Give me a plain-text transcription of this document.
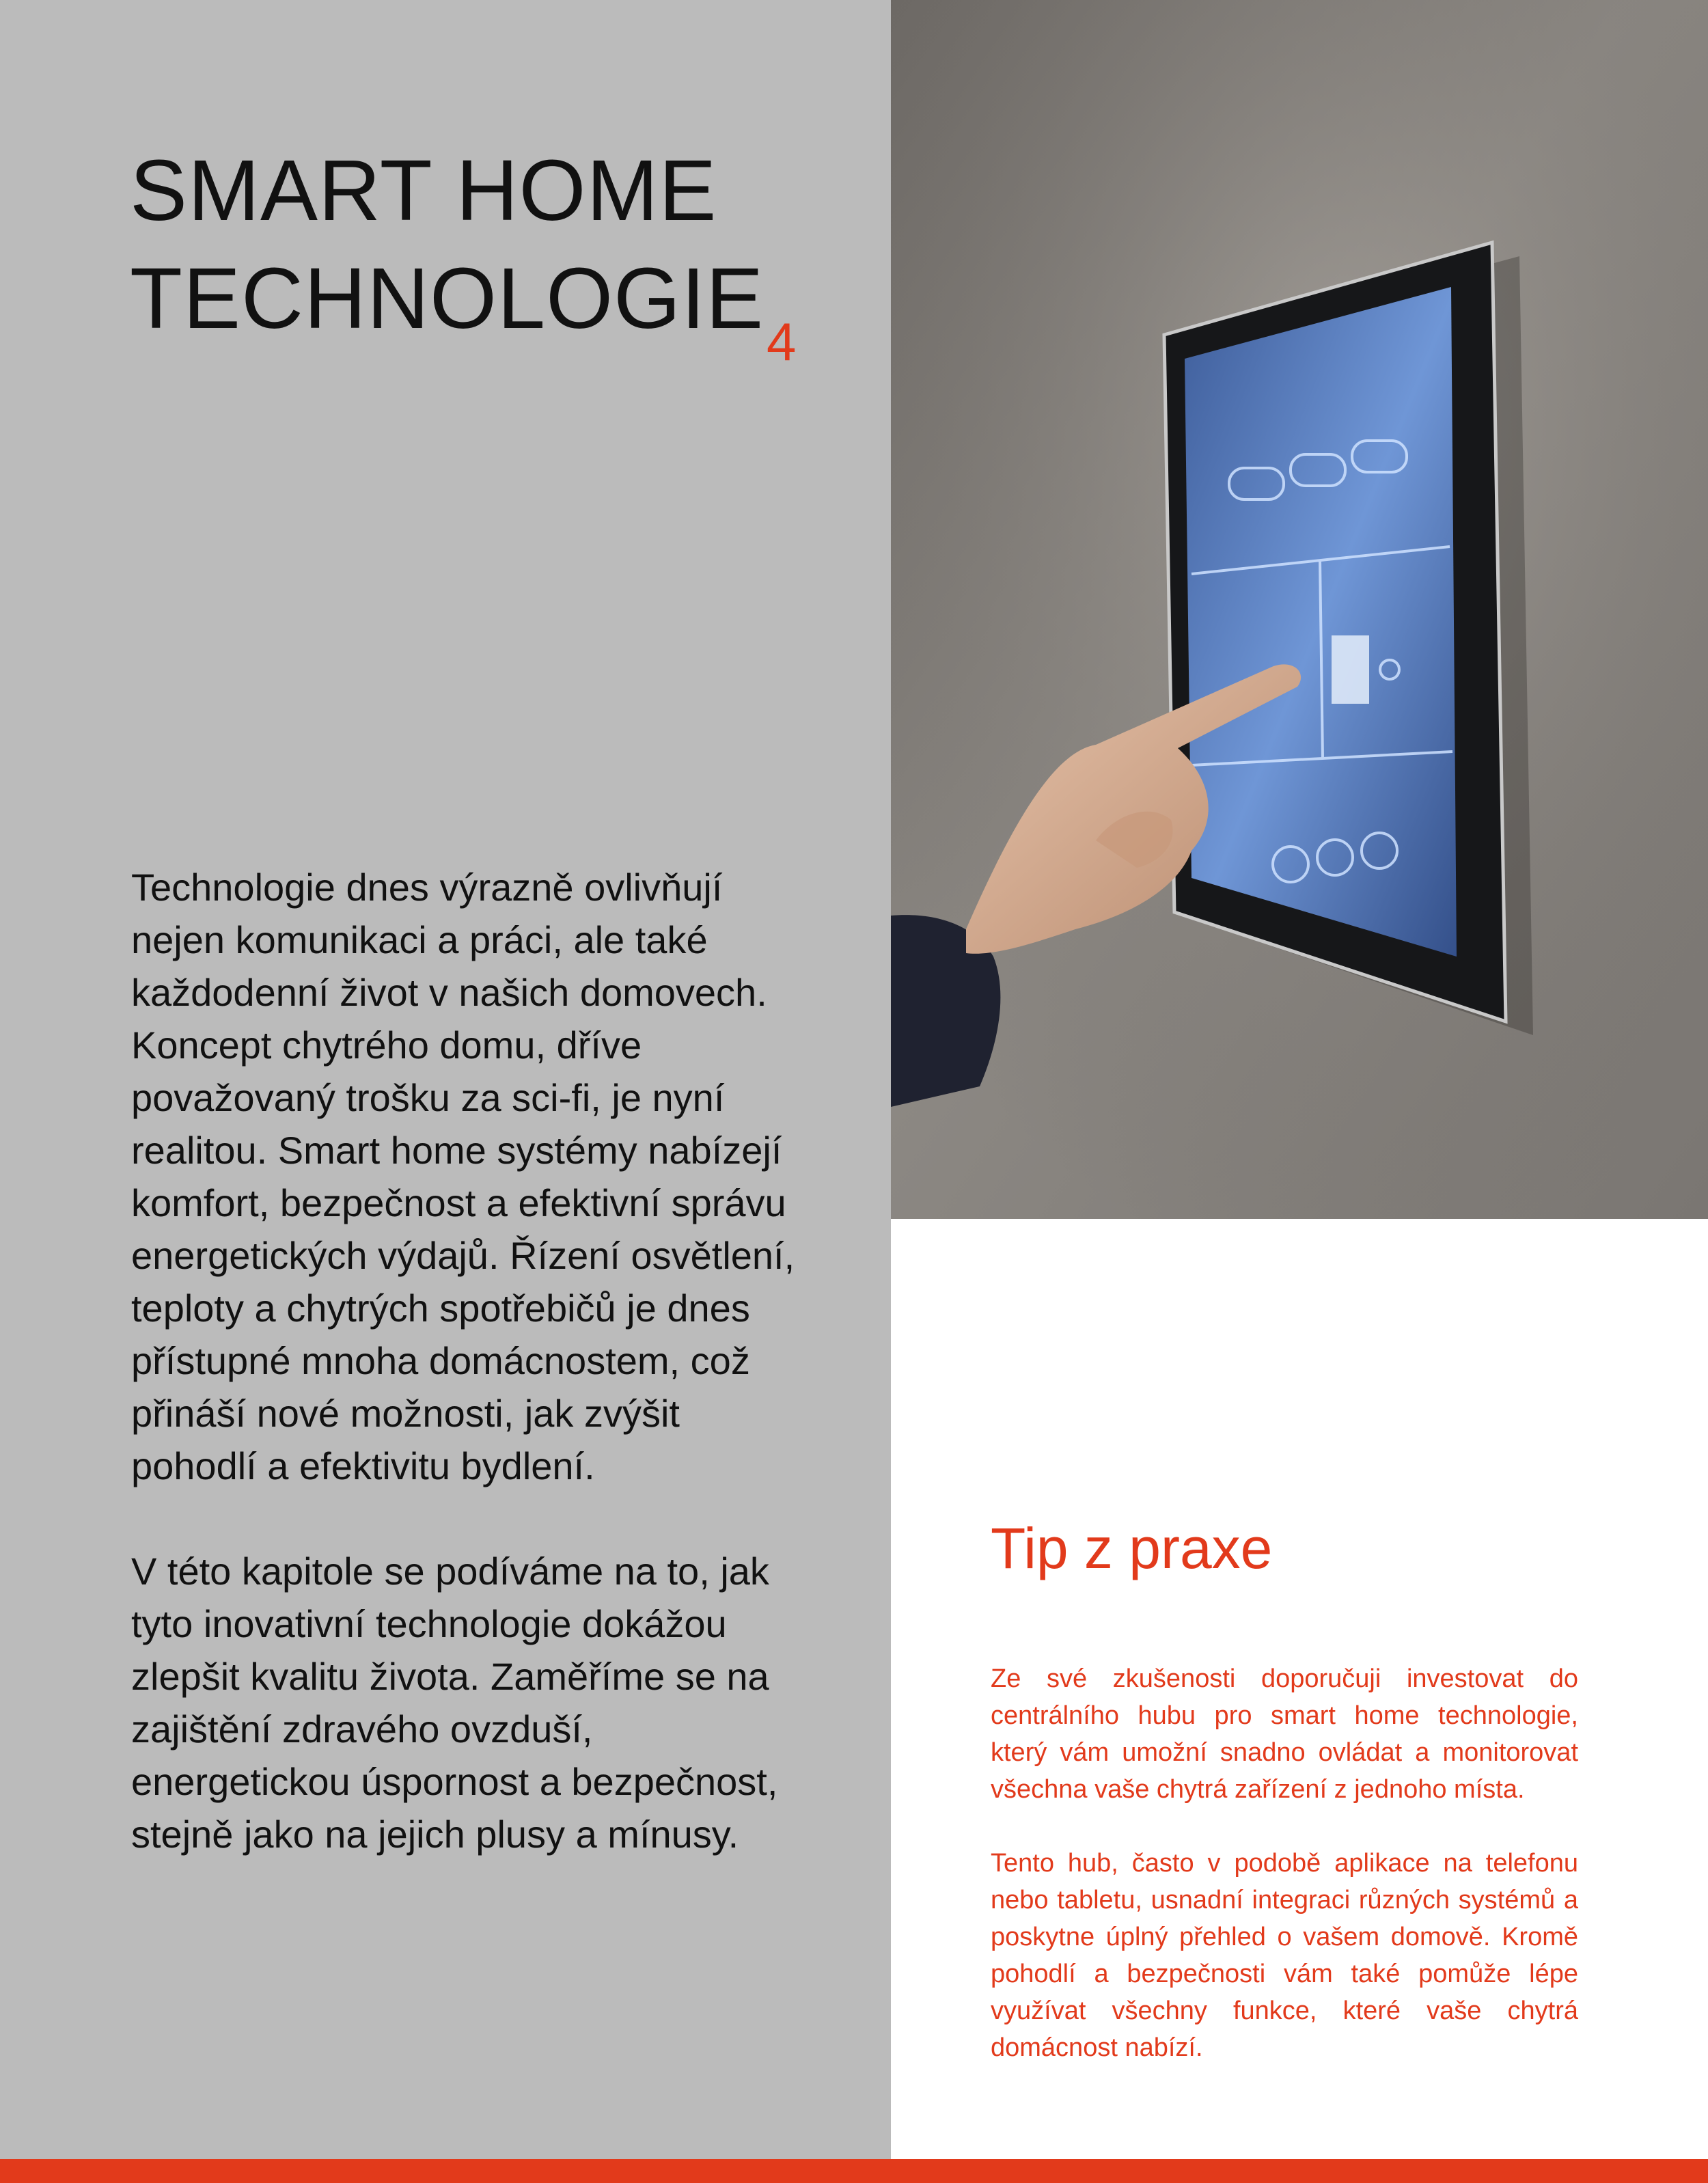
SMART HOME
TECHNOLOGIE 4

Technologie dnes výrazně ovlivňují nejen komunikaci a práci, ale také každodenní život v našich domovech. Koncept chytrého domu, dříve považovaný trošku za sci-fi, je nyní realitou. Smart home systémy nabízejí komfort, bezpečnost a efektivní správu energetických výdajů. Řízení osvětlení, teploty a chytrých spotřebičů je dnes přístupné mnoha domácnostem, což přináší nové možnosti, jak zvýšit pohodlí a efektivitu bydlení.

V této kapitole se podíváme na to, jak tyto inovativní technologie dokážou zlepšit kvalitu života. Zaměříme se na zajištění zdravého ovzduší, energetickou úspornost a bezpečnost, stejně jako na jejich plusy a mínusy.

Tip z praxe

Ze své zkušenosti doporučuji investovat do centrálního hubu pro smart home technologie, který vám umožní snadno ovládat a monitorovat všechna vaše chytrá zařízení z jednoho místa.

Tento hub, často v podobě aplikace na telefonu nebo tabletu, usnadní integraci různých systémů a poskytne úplný přehled o vašem domově. Kromě pohodlí a bezpečnosti vám také pomůže lépe využívat všechny funkce, které vaše chytrá domácnost nabízí.
